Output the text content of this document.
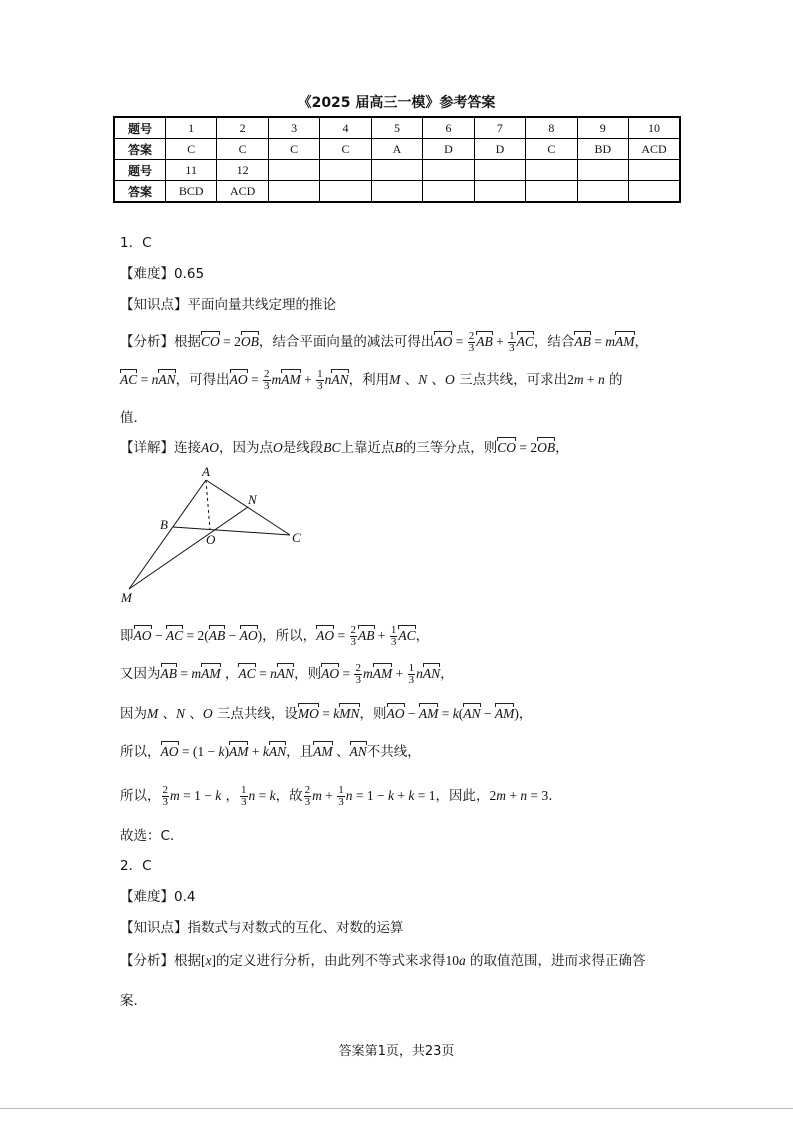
《2025 届高三一模》参考答案
题号	1	2	3	4	5	6	7	8	9	10
答案	C	C	C	C	A	D	D	C	BD	ACD
题号	11	12								
答案	BCD	ACD								
1．C
【难度】0.65
【知识点】平面向量共线定理的推论
【分析】根据CO = 2OB，结合平面向量的减法可得出AO = $\frac{2}{3}$ AB + $\frac{1}{3}$ AC，结合AB = mAM，
AC = nAN，可得出AO = $\frac{2}{3}$ mAM + $\frac{1}{3}$ nAN，利用M 、N 、O 三点共线，可求出2m + n 的
值.
【详解】连接AO，因为点O是线段BC上靠近点B的三等分点，则CO = 2OB，
A
N
B
O	C
M
即AO − AC = 2(AB − AO)，所以，AO = $\frac{2}{3}$ AB + $\frac{1}{3}$ AC，
又因为AB = mAM ，AC = nAN，则AO = $\frac{2}{3}$ mAM + $\frac{1}{3}$ nAN，
因为M 、N 、O 三点共线，设MO = kMN，则AO − AM = k(AN − AM)，
所以，AO = (1 − k)AM + kAN，且AM 、AN不共线，
所以， $\frac{2}{3}$ m = 1 − k ， $\frac{1}{3}$ n = k，故 $\frac{2}{3}$ $m + \frac{1}{3}$ n = 1 − k + k = 1，因此，2m + n = 3.
故选：C.
2．C
【难度】0.4
【知识点】指数式与对数式的互化、对数的运算
【分析】根据[x]的定义进行分析，由此列不等式来求得10a 的取值范围，进而求得正确答
案.
答案第1页，共23页
